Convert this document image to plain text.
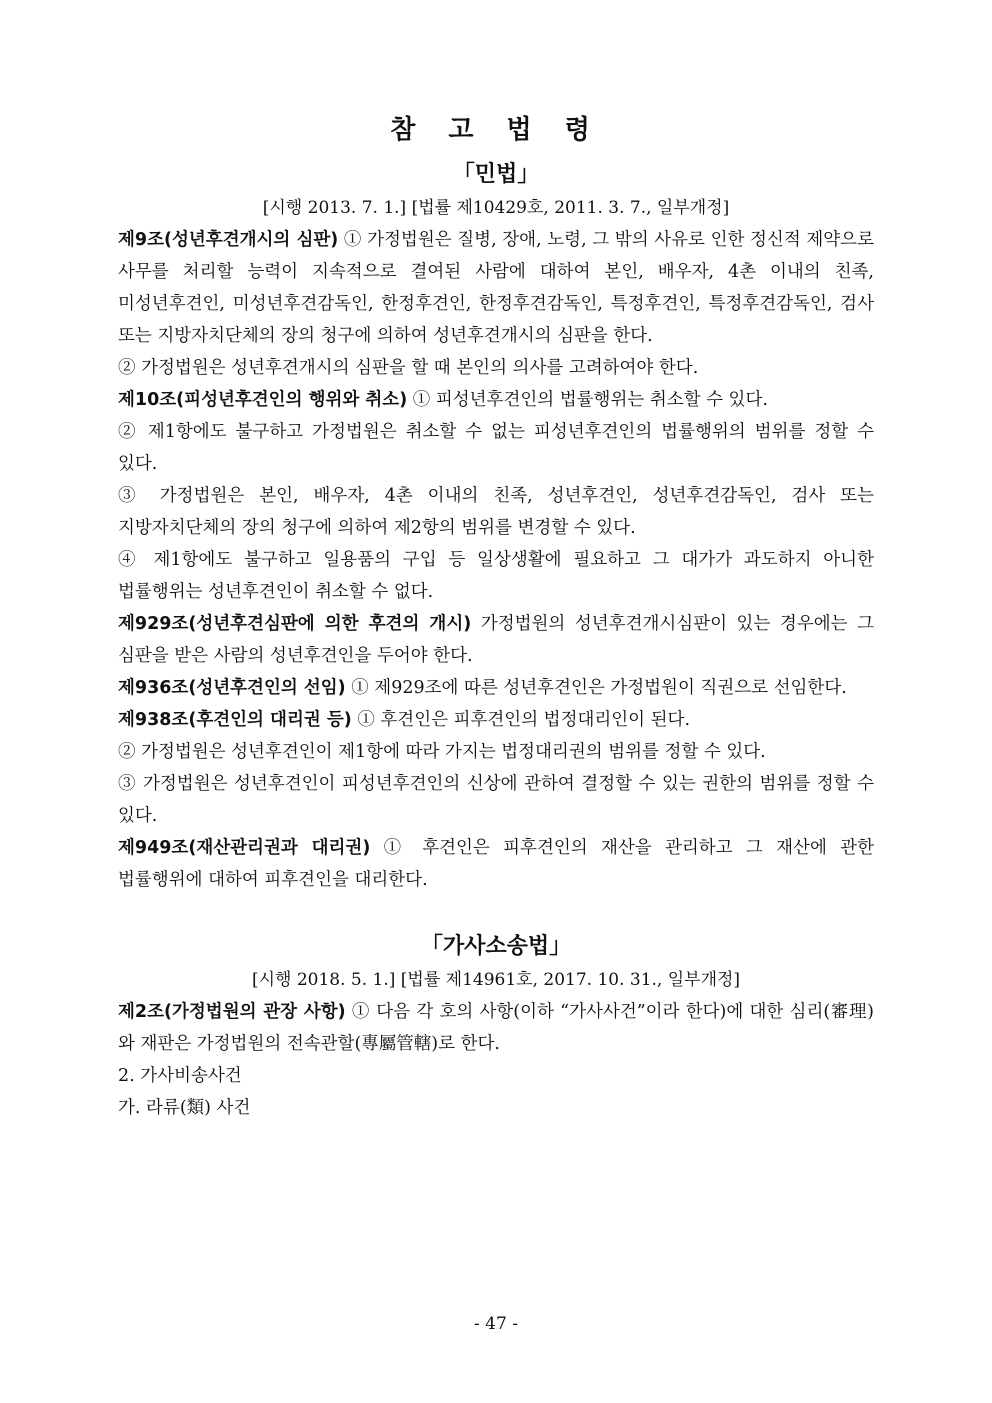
참 고 법 령
「민법」

[시행 2013. 7. 1.] [법률 제10429호, 2011. 3. 7., 일부개정]

제9조(성년후견개시의 심판) ① 가정법원은 질병, 장애, 노령, 그 밖의 사유로 인한 정신적 제약으로 사무를 처리할 능력이 지속적으로 결여된 사람에 대하여 본인, 배우자, 4촌 이내의 친족, 미성년후견인, 미성년후견감독인, 한정후견인, 한정후견감독인, 특정후견인, 특정후견감독인, 검사 또는 지방자치단체의 장의 청구에 의하여 성년후견개시의 심판을 한다.

② 가정법원은 성년후견개시의 심판을 할 때 본인의 의사를 고려하여야 한다.

제10조(피성년후견인의 행위와 취소) ① 피성년후견인의 법률행위는 취소할 수 있다.

② 제1항에도 불구하고 가정법원은 취소할 수 없는 피성년후견인의 법률행위의 범위를 정할 수 있다.

③ 가정법원은 본인, 배우자, 4촌 이내의 친족, 성년후견인, 성년후견감독인, 검사 또는 지방자치단체의 장의 청구에 의하여 제2항의 범위를 변경할 수 있다.

④ 제1항에도 불구하고 일용품의 구입 등 일상생활에 필요하고 그 대가가 과도하지 아니한 법률행위는 성년후견인이 취소할 수 없다.

제929조(성년후견심판에 의한 후견의 개시) 가정법원의 성년후견개시심판이 있는 경우에는 그 심판을 받은 사람의 성년후견인을 두어야 한다.

제936조(성년후견인의 선임) ① 제929조에 따른 성년후견인은 가정법원이 직권으로 선임한다.

제938조(후견인의 대리권 등) ① 후견인은 피후견인의 법정대리인이 된다.

② 가정법원은 성년후견인이 제1항에 따라 가지는 법정대리권의 범위를 정할 수 있다.

③ 가정법원은 성년후견인이 피성년후견인의 신상에 관하여 결정할 수 있는 권한의 범위를 정할 수 있다.

제949조(재산관리권과 대리권) ① 후견인은 피후견인의 재산을 관리하고 그 재산에 관한 법률행위에 대하여 피후견인을 대리한다.

「가사소송법」

[시행 2018. 5. 1.] [법률 제14961호, 2017. 10. 31., 일부개정]

제2조(가정법원의 관장 사항) ① 다음 각 호의 사항(이하 “가사사건”이라 한다)에 대한 심리(審理)와 재판은 가정법원의 전속관할(專屬管轄)로 한다.

2. 가사비송사건

가. 라류(類) 사건

- 47 -
